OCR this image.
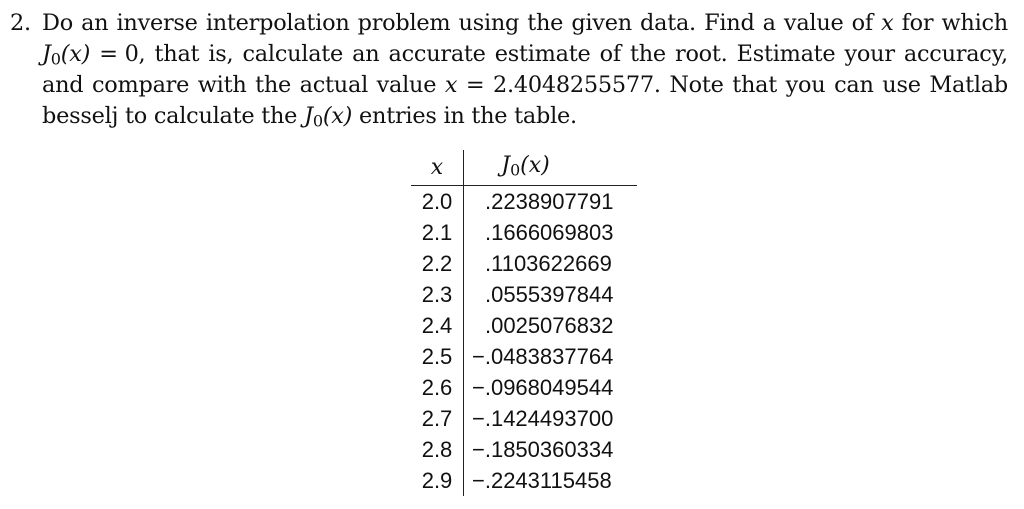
2. Do an inverse interpolation problem using the given data. Find a value of x for which
$J_0(x) = 0$, that is, calculate an accurate estimate of the root. Estimate your accuracy,
and compare with the actual value x = 2.4048255577. Note that you can use Matlab
besselj to calculate the $J_0(x)$ entries in the table.
x	$J_0(x)$
2.0	.2238907791
2.1	.1666069803
2.2	.1103622669
2.3	.0555397844
2.4	.0025076832
2.5	−.0483837764
2.6	−.0968049544
2.7	−.1424493700
2.8	−.1850360334
2.9	−.2243115458
